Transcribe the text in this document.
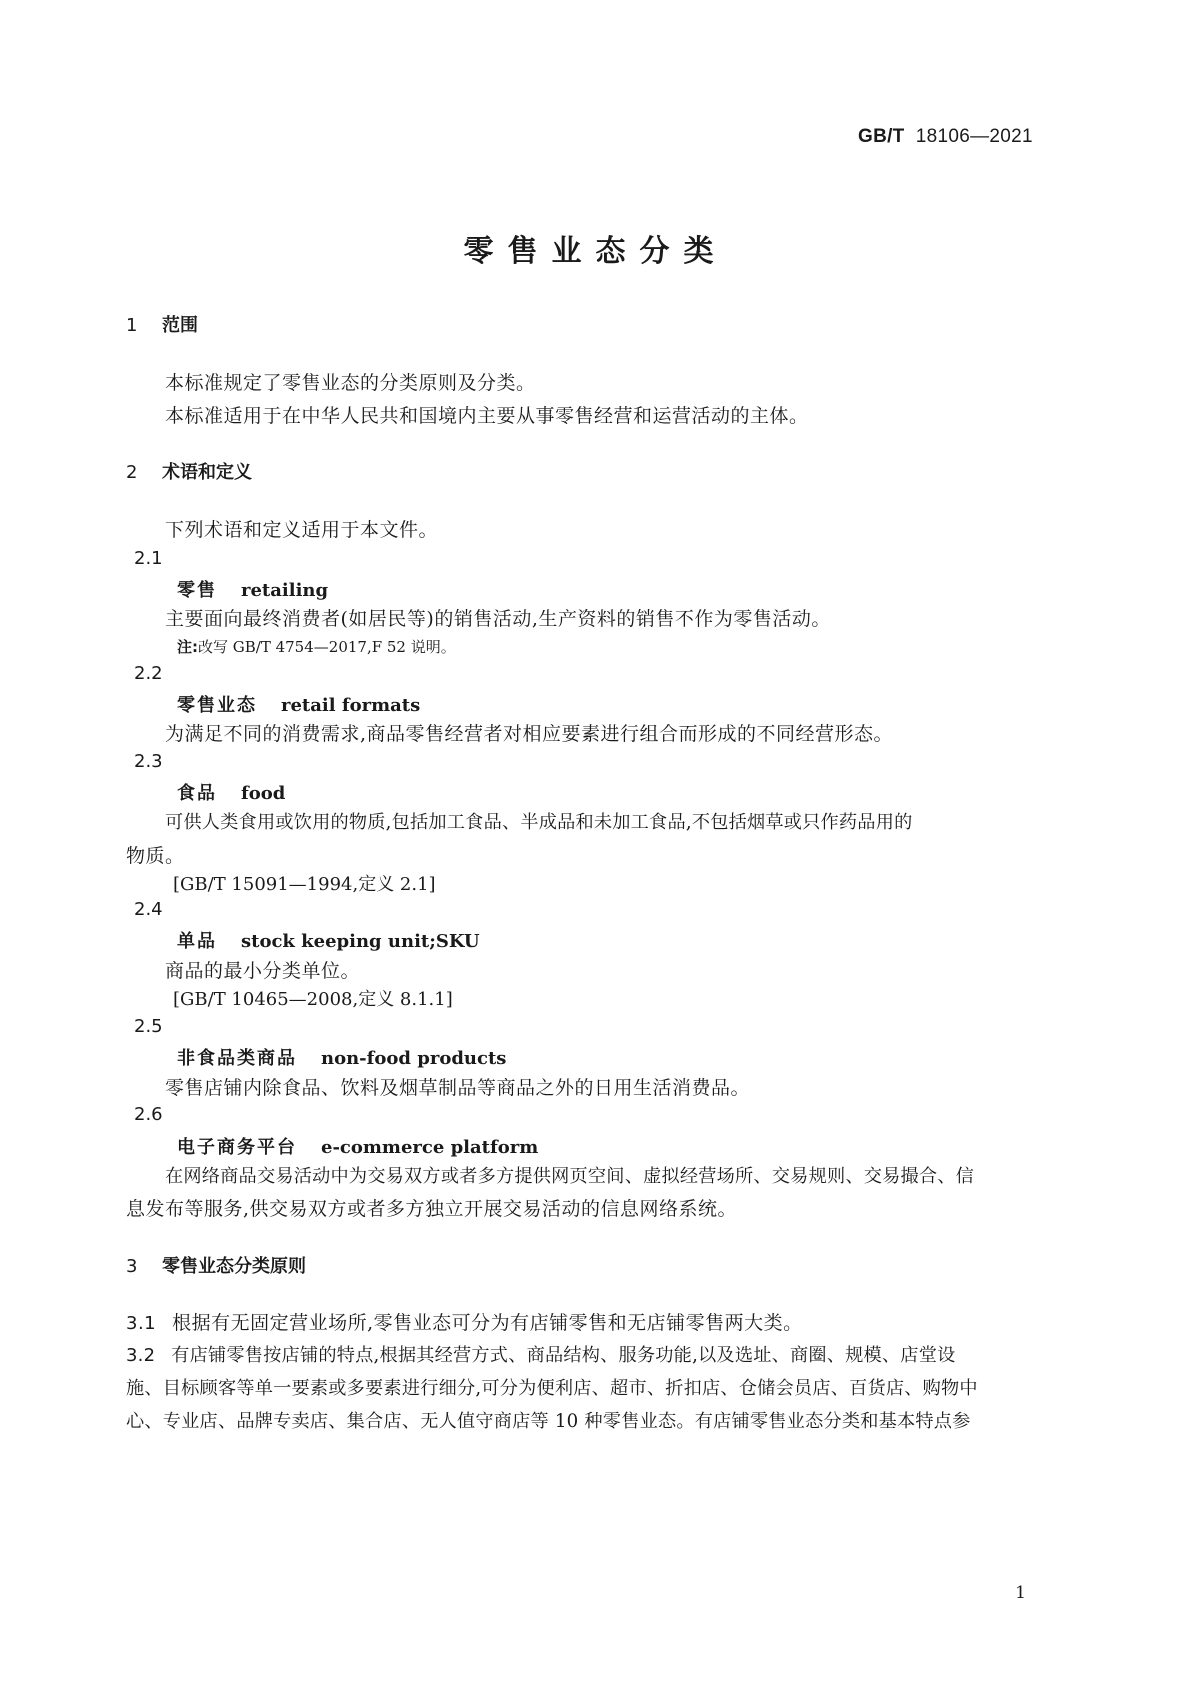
GB/T 18106—2021
零售业态分类
1 范围
本标准规定了零售业态的分类原则及分类。
本标准适用于在中华人民共和国境内主要从事零售经营和运营活动的主体。
2 术语和定义
下列术语和定义适用于本文件。
2.1
零售 retailing
主要面向最终消费者(如居民等)的销售活动,生产资料的销售不作为零售活动。
注:改写 GB/T 4754—2017,F 52 说明。
2.2
零售业态 retail formats
为满足不同的消费需求,商品零售经营者对相应要素进行组合而形成的不同经营形态。
2.3
食品 food
可供人类食用或饮用的物质,包括加工食品、半成品和未加工食品,不包括烟草或只作药品用的
物质。
[GB/T 15091—1994,定义 2.1]
2.4
单品 stock keeping unit;SKU
商品的最小分类单位。
[GB/T 10465—2008,定义 8.1.1]
2.5
非食品类商品 non-food products
零售店铺内除食品、饮料及烟草制品等商品之外的日用生活消费品。
2.6
电子商务平台 e-commerce platform
在网络商品交易活动中为交易双方或者多方提供网页空间、虚拟经营场所、交易规则、交易撮合、信
息发布等服务,供交易双方或者多方独立开展交易活动的信息网络系统。
3 零售业态分类原则
3.1 根据有无固定营业场所,零售业态可分为有店铺零售和无店铺零售两大类。
3.2 有店铺零售按店铺的特点,根据其经营方式、商品结构、服务功能,以及选址、商圈、规模、店堂设
施、目标顾客等单一要素或多要素进行细分,可分为便利店、超市、折扣店、仓储会员店、百货店、购物中
心、专业店、品牌专卖店、集合店、无人值守商店等 10 种零售业态。有店铺零售业态分类和基本特点参
1
